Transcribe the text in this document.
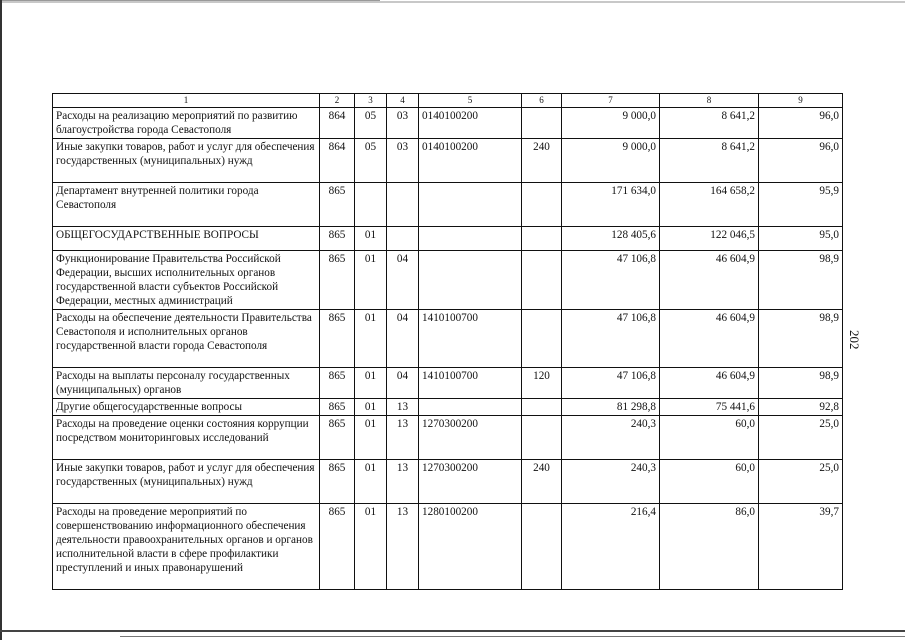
202
1	2	3	4	5	6	7	8	9
Расходы на реализацию мероприятий по развитию благоустройства города Севастополя	864	05	03	0140100200		9 000,0	8 641,2	96,0
Иные закупки товаров, работ и услуг для обеспечения государственных (муниципальных) нужд	864	05	03	0140100200	240	9 000,0	8 641,2	96,0
Департамент внутренней политики города Севастополя	865					171 634,0	164 658,2	95,9
ОБЩЕГОСУДАРСТВЕННЫЕ ВОПРОСЫ	865	01				128 405,6	122 046,5	95,0
Функционирование Правительства Российской Федерации, высших исполнительных органов государственной власти субъектов Российской Федерации, местных администраций	865	01	04			47 106,8	46 604,9	98,9
Расходы на обеспечение деятельности Правительства Севастополя и исполнительных органов государственной власти города Севастополя	865	01	04	1410100700		47 106,8	46 604,9	98,9
Расходы на выплаты персоналу государственных (муниципальных) органов	865	01	04	1410100700	120	47 106,8	46 604,9	98,9
Другие общегосударственные вопросы	865	01	13			81 298,8	75 441,6	92,8
Расходы на проведение оценки состояния коррупции посредством мониторинговых исследований	865	01	13	1270300200		240,3	60,0	25,0
Иные закупки товаров, работ и услуг для обеспечения государственных (муниципальных) нужд	865	01	13	1270300200	240	240,3	60,0	25,0
Расходы на проведение мероприятий по совершенствованию информационного обеспечения деятельности правоохранительных органов и органов исполнительной власти в сфере профилактики преступлений и иных правонарушений	865	01	13	1280100200		216,4	86,0	39,7
